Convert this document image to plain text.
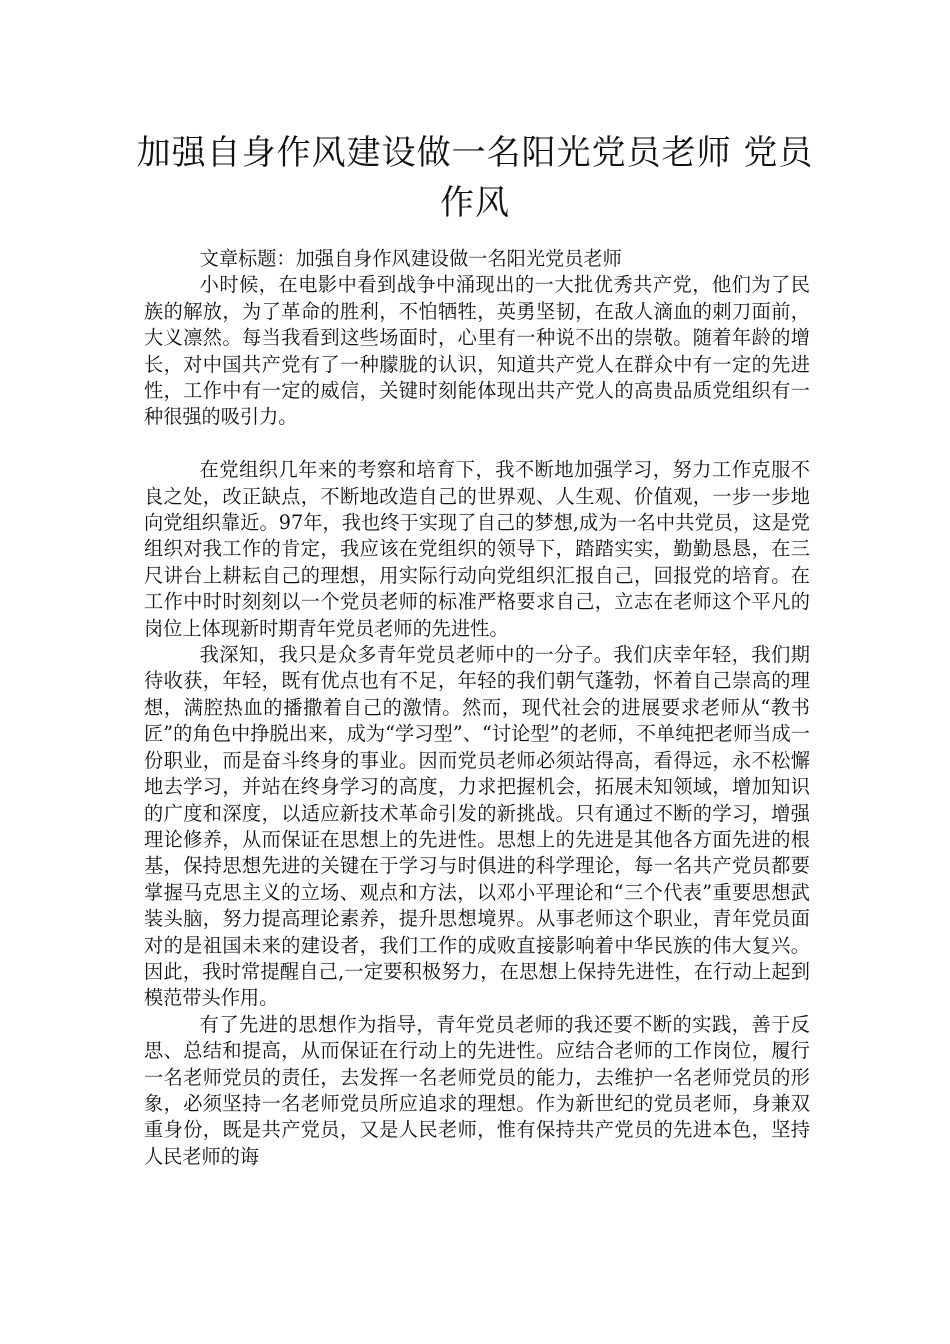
加强自身作风建设做一名阳光党员老师 党员作风

文章标题：加强自身作风建设做一名阳光党员老师

小时候，在电影中看到战争中涌现出的一大批优秀共产党，他们为了民族的解放，为了革命的胜利，不怕牺牲，英勇坚韧，在敌人滴血的刺刀面前，大义凛然。每当我看到这些场面时，心里有一种说不出的崇敬。随着年龄的增长，对中国共产党有了一种朦胧的认识，知道共产党人在群众中有一定的先进性，工作中有一定的威信，关键时刻能体现出共产党人的高贵品质党组织有一种很强的吸引力。

在党组织几年来的考察和培育下，我不断地加强学习，努力工作克服不良之处，改正缺点，不断地改造自己的世界观、人生观、价值观，一步一步地向党组织靠近。97年，我也终于实现了自己的梦想,成为一名中共党员，这是党组织对我工作的肯定，我应该在党组织的领导下，踏踏实实，勤勤恳恳，在三尺讲台上耕耘自己的理想，用实际行动向党组织汇报自己，回报党的培育。在工作中时时刻刻以一个党员老师的标准严格要求自己，立志在老师这个平凡的岗位上体现新时期青年党员老师的先进性。

我深知，我只是众多青年党员老师中的一分子。我们庆幸年轻，我们期待收获，年轻，既有优点也有不足，年轻的我们朝气蓬勃，怀着自己崇高的理想，满腔热血的播撒着自己的激情。然而，现代社会的进展要求老师从“教书匠”的角色中挣脱出来，成为“学习型”、“讨论型”的老师，不单纯把老师当成一份职业，而是奋斗终身的事业。因而党员老师必须站得高，看得远，永不松懈地去学习，并站在终身学习的高度，力求把握机会，拓展未知领域，增加知识的广度和深度，以适应新技术革命引发的新挑战。只有通过不断的学习，增强理论修养，从而保证在思想上的先进性。思想上的先进是其他各方面先进的根基，保持思想先进的关键在于学习与时俱进的科学理论，每一名共产党员都要掌握马克思主义的立场、观点和方法，以邓小平理论和“三个代表”重要思想武装头脑，努力提高理论素养，提升思想境界。从事老师这个职业，青年党员面对的是祖国未来的建设者，我们工作的成败直接影响着中华民族的伟大复兴。因此，我时常提醒自己,一定要积极努力，在思想上保持先进性，在行动上起到模范带头作用。

有了先进的思想作为指导，青年党员老师的我还要不断的实践，善于反思、总结和提高，从而保证在行动上的先进性。应结合老师的工作岗位，履行一名老师党员的责任，去发挥一名老师党员的能力，去维护一名老师党员的形象，必须坚持一名老师党员所应追求的理想。作为新世纪的党员老师，身兼双重身份，既是共产党员，又是人民老师，惟有保持共产党员的先进本色，坚持人民老师的诲
